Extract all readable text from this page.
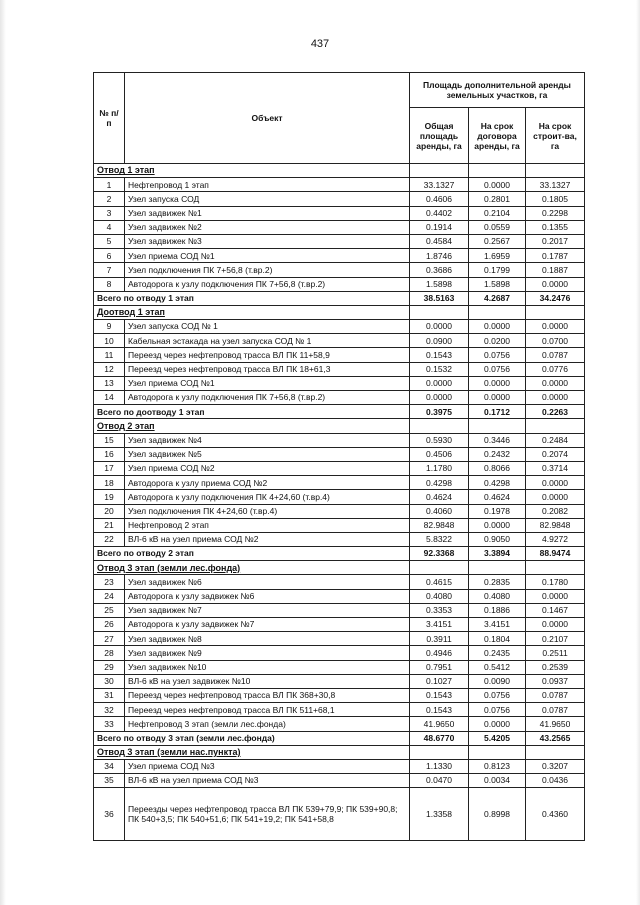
437
№ п/п	Объект	Площадь дополнительной аренды земельных участков, га		
		Общая площадь аренды, га	На срок договора аренды, га	На срок строит-ва, га
Отвод 1 этап				
1	Нефтепровод 1 этап	33.1327	0.0000	33.1327
2	Узел запуска СОД	0.4606	0.2801	0.1805
3	Узел задвижек №1	0.4402	0.2104	0.2298
4	Узел задвижек №2	0.1914	0.0559	0.1355
5	Узел задвижек №3	0.4584	0.2567	0.2017
6	Узел приема СОД №1	1.8746	1.6959	0.1787
7	Узел подключения ПК 7+56,8 (т.вр.2)	0.3686	0.1799	0.1887
8	Автодорога к узлу подключения ПК 7+56,8 (т.вр.2)	1.5898	1.5898	0.0000
Всего по отводу 1 этап		38.5163	4.2687	34.2476
Доотвод 1 этап				
9	Узел запуска СОД № 1	0.0000	0.0000	0.0000
10	Кабельная эстакада на узел запуска СОД № 1	0.0900	0.0200	0.0700
11	Переезд через нефтепровод трасса ВЛ ПК 11+58,9	0.1543	0.0756	0.0787
12	Переезд через нефтепровод трасса ВЛ ПК 18+61,3	0.1532	0.0756	0.0776
13	Узел приема СОД №1	0.0000	0.0000	0.0000
14	Автодорога к узлу подключения ПК 7+56,8 (т.вр.2)	0.0000	0.0000	0.0000
Всего по доотводу 1 этап		0.3975	0.1712	0.2263
Отвод 2 этап				
15	Узел задвижек №4	0.5930	0.3446	0.2484
16	Узел задвижек №5	0.4506	0.2432	0.2074
17	Узел приема СОД №2	1.1780	0.8066	0.3714
18	Автодорога к узлу приема СОД №2	0.4298	0.4298	0.0000
19	Автодорога к узлу подключения ПК 4+24,60 (т.вр.4)	0.4624	0.4624	0.0000
20	Узел подключения ПК 4+24,60 (т.вр.4)	0.4060	0.1978	0.2082
21	Нефтепровод 2 этап	82.9848	0.0000	82.9848
22	ВЛ-6 кВ на узел приема СОД №2	5.8322	0.9050	4.9272
Всего по отводу 2 этап		92.3368	3.3894	88.9474
Отвод 3 этап (земли лес.фонда)				
23	Узел задвижек №6	0.4615	0.2835	0.1780
24	Автодорога к узлу задвижек №6	0.4080	0.4080	0.0000
25	Узел задвижек №7	0.3353	0.1886	0.1467
26	Автодорога к узлу задвижек №7	3.4151	3.4151	0.0000
27	Узел задвижек №8	0.3911	0.1804	0.2107
28	Узел задвижек №9	0.4946	0.2435	0.2511
29	Узел задвижек №10	0.7951	0.5412	0.2539
30	ВЛ-6 кВ на узел задвижек №10	0.1027	0.0090	0.0937
31	Переезд через нефтепровод трасса ВЛ ПК 368+30,8	0.1543	0.0756	0.0787
32	Переезд через нефтепровод трасса ВЛ ПК 511+68,1	0.1543	0.0756	0.0787
33	Нефтепровод 3 этап (земли лес.фонда)	41.9650	0.0000	41.9650
Всего по отводу 3 этап (земли лес.фонда)		48.6770	5.4205	43.2565
Отвод 3 этап (земли нас.пункта)				
34	Узел приема СОД №3	1.1330	0.8123	0.3207
35	ВЛ-6 кВ на узел приема СОД №3	0.0470	0.0034	0.0436
36	Переезды через нефтепровод трасса ВЛ ПК 539+79,9; ПК 539+90,8; ПК 540+3,5; ПК 540+51,6; ПК 541+19,2; ПК 541+58,8	1.3358	0.8998	0.4360
